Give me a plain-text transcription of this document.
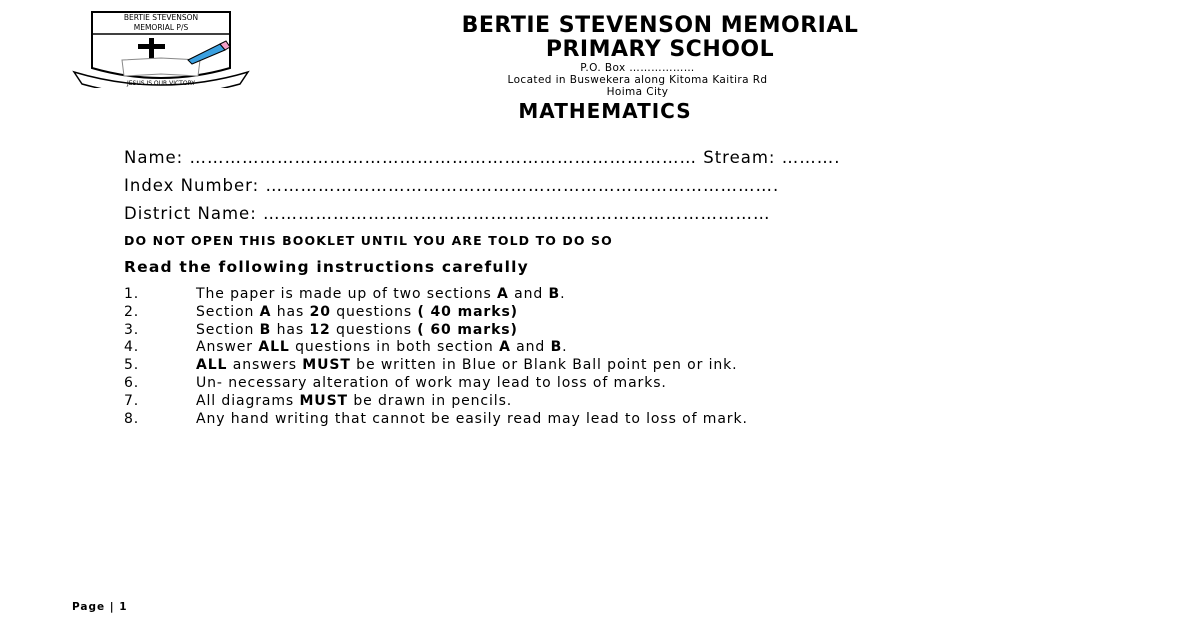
BERTIE STEVENSON
MEMORIAL P/S
JESUS IS OUR VICTORY
BERTIE STEVENSON MEMORIAL
PRIMARY SCHOOL
P.O. Box ………………
Located in Buswekera along Kitoma Kaitira Rd
Hoima City
MATHEMATICS
Name: …………………………………………………………………………… Stream: ……….
Index Number: …………………………………………………………………………….
District Name: ……………………………………………………………………………
DO NOT OPEN THIS BOOKLET UNTIL YOU ARE TOLD TO DO SO
Read the following instructions carefully
1.	The paper is made up of two sections A and B.
2.	Section A has 20 questions ( 40 marks)
3.	Section B has 12 questions ( 60 marks)
4.	Answer ALL questions in both section A and B.
5.	ALL answers MUST be written in Blue or Blank Ball point pen or ink.
6.	Un- necessary alteration of work may lead to loss of marks.
7.	All diagrams MUST be drawn in pencils.
8.	Any hand writing that cannot be easily read may lead to loss of mark.
Page | 1
